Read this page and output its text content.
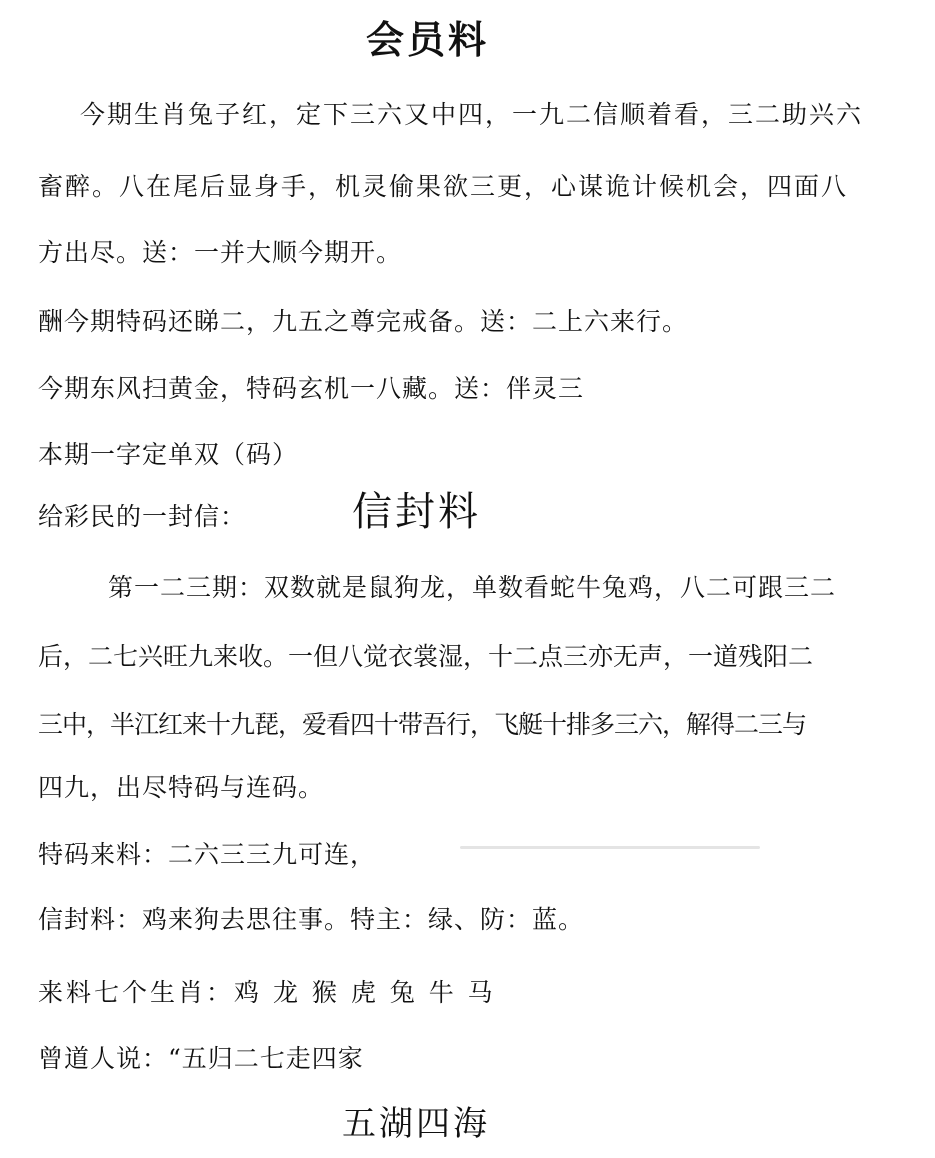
会员料
今期生肖兔子红，定下三六又中四，一九二信顺着看，三二助兴六
畜醉。八在尾后显身手，机灵偷果欲三更，心谋诡计候机会，四面八
方出尽。送：一并大顺今期开。
酬今期特码还睇二，九五之尊完戒备。送：二上六来行。
今期东风扫黄金，特码玄机一八藏。送：伴灵三
本期一字定单双（码）
给彩民的一封信：	信封料
第一二三期：双数就是鼠狗龙，单数看蛇牛兔鸡，八二可跟三二
后，二七兴旺九来收。一但八觉衣裳湿，十二点三亦无声，一道残阳二
三中，半江红来十九琵，爱看四十带吾行，飞艇十排多三六，解得二三与
四九，出尽特码与连码。
特码来料：二六三三九可连，
信封料：鸡来狗去思往事。特主：绿、防：蓝。
来料七个生肖：鸡 龙 猴 虎 兔 牛 马
曾道人说：“五归二七走四家
五湖四海
